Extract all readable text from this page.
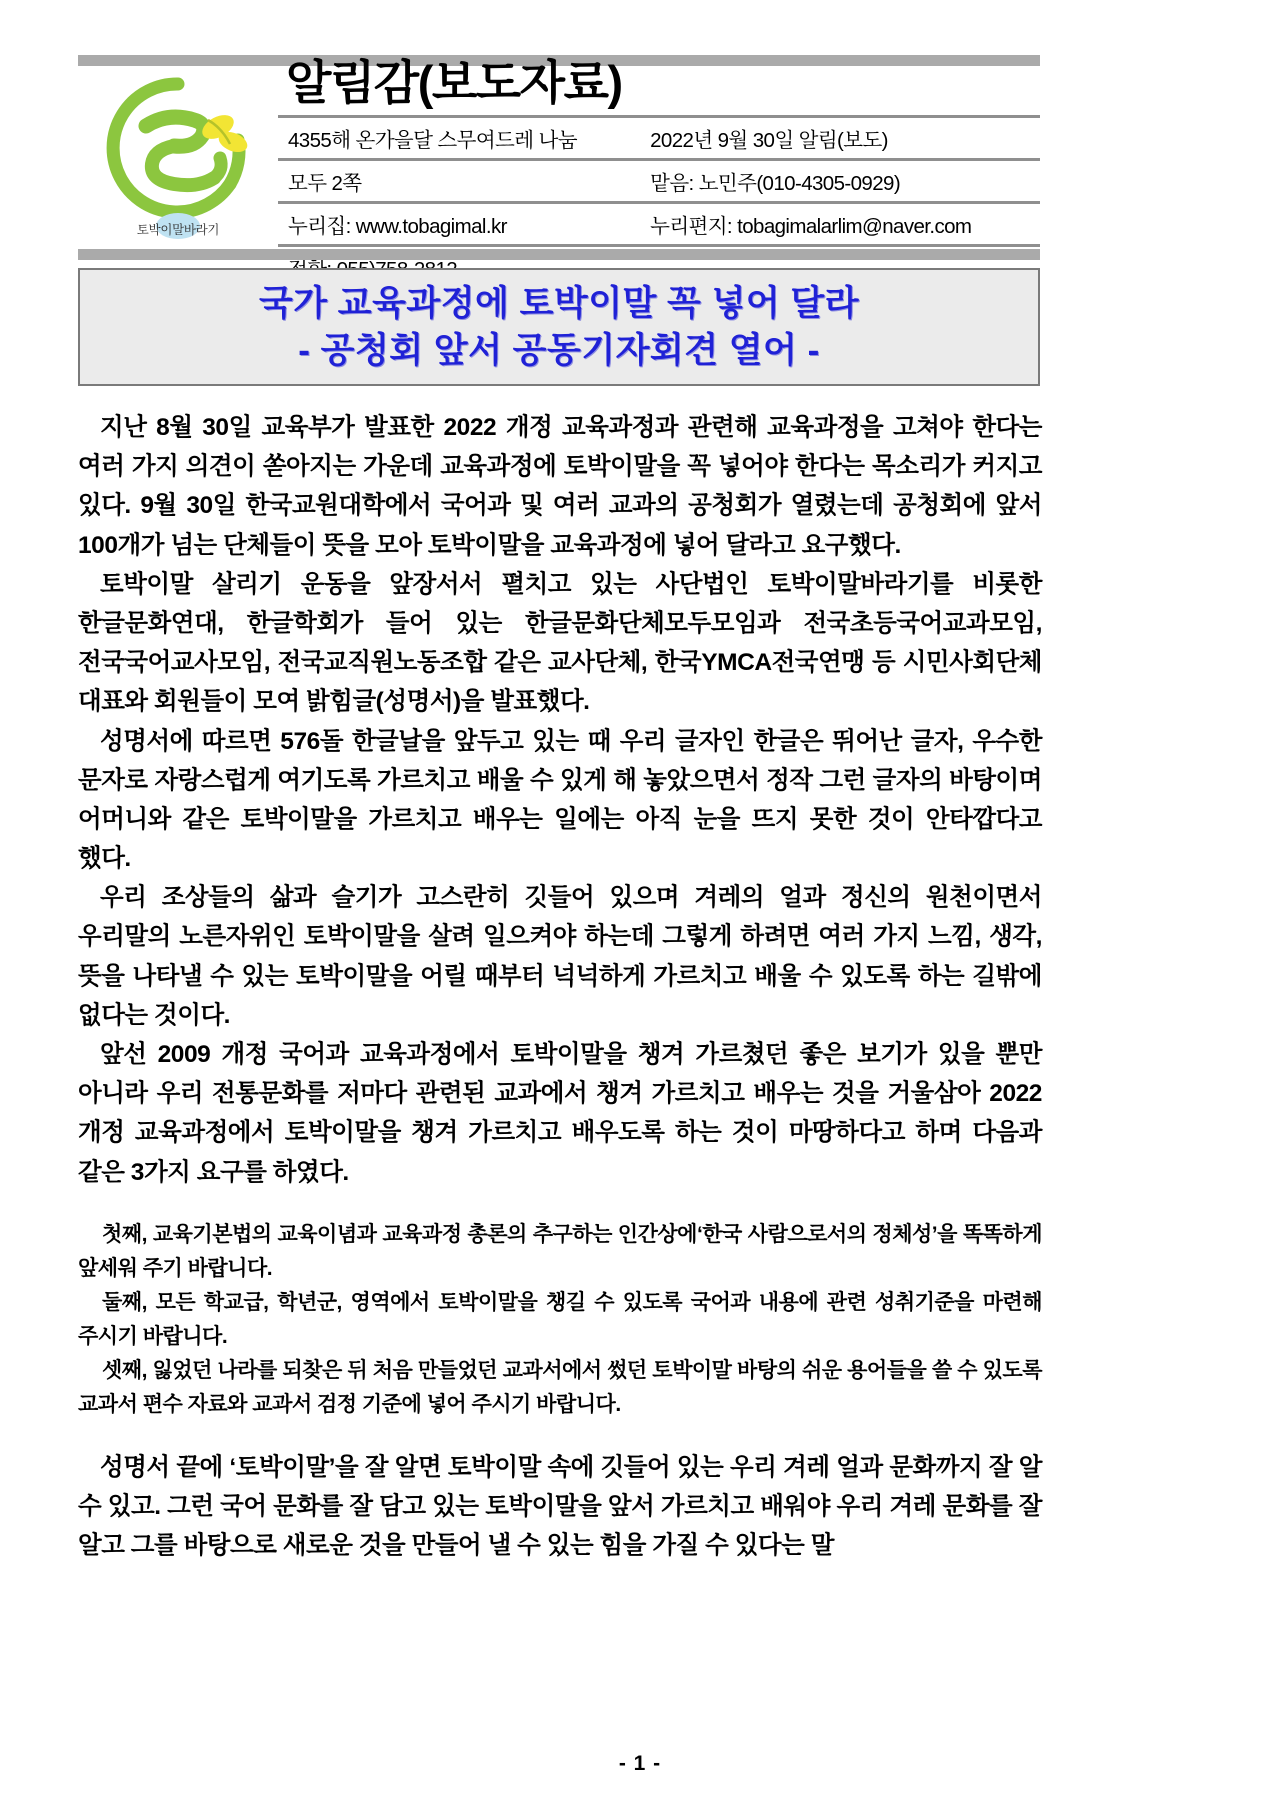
토박이말바라기
알림감(보도자료)
4355해 온가을달 스무여드레 나눔	2022년 9월 30일 알림(보도)
모두 2쪽	맡음: 노민주(010-4305-0929)
누리집: www.tobagimal.kr	누리편지: tobagimalarlim@naver.com

국가 교육과정에 토박이말 꼭 넣어 달라
- 공청회 앞서 공동기자회견 열어 -

지난 8월 30일 교육부가 발표한 2022 개정 교육과정과 관련해 교육과정을 고쳐야 한다는 여러 가지 의견이 쏟아지는 가운데 교육과정에 토박이말을 꼭 넣어야 한다는 목소리가 커지고 있다. 9월 30일 한국교원대학에서 국어과 및 여러 교과의 공청회가 열렸는데 공청회에 앞서 100개가 넘는 단체들이 뜻을 모아 토박이말을 교육과정에 넣어 달라고 요구했다.

토박이말 살리기 운동을 앞장서서 펼치고 있는 사단법인 토박이말바라기를 비롯한 한글문화연대, 한글학회가 들어 있는 한글문화단체모두모임과 전국초등국어교과모임, 전국국어교사모임, 전국교직원노동조합 같은 교사단체, 한국YMCA전국연맹 등 시민사회단체 대표와 회원들이 모여 밝힘글(성명서)을 발표했다.

성명서에 따르면 576돌 한글날을 앞두고 있는 때 우리 글자인 한글은 뛰어난 글자, 우수한 문자로 자랑스럽게 여기도록 가르치고 배울 수 있게 해 놓았으면서 정작 그런 글자의 바탕이며 어머니와 같은 토박이말을 가르치고 배우는 일에는 아직 눈을 뜨지 못한 것이 안타깝다고 했다.

우리 조상들의 삶과 슬기가 고스란히 깃들어 있으며 겨레의 얼과 정신의 원천이면서 우리말의 노른자위인 토박이말을 살려 일으켜야 하는데 그렇게 하려면 여러 가지 느낌, 생각, 뜻을 나타낼 수 있는 토박이말을 어릴 때부터 넉넉하게 가르치고 배울 수 있도록 하는 길밖에 없다는 것이다.

앞선 2009 개정 국어과 교육과정에서 토박이말을 챙겨 가르쳤던 좋은 보기가 있을 뿐만 아니라 우리 전통문화를 저마다 관련된 교과에서 챙겨 가르치고 배우는 것을 거울삼아 2022 개정 교육과정에서 토박이말을 챙겨 가르치고 배우도록 하는 것이 마땅하다고 하며 다음과 같은 3가지 요구를 하였다.

첫째, 교육기본법의 교육이념과 교육과정 총론의 추구하는 인간상에‘한국 사람으로서의 정체성’을 똑똑하게 앞세워 주기 바랍니다.

둘째, 모든 학교급, 학년군, 영역에서 토박이말을 챙길 수 있도록 국어과 내용에 관련 성취기준을 마련해 주시기 바랍니다.

셋째, 잃었던 나라를 되찾은 뒤 처음 만들었던 교과서에서 썼던 토박이말 바탕의 쉬운 용어들을 쓸 수 있도록 교과서 편수 자료와 교과서 검정 기준에 넣어 주시기 바랍니다.

성명서 끝에 ‘토박이말’을 잘 알면 토박이말 속에 깃들어 있는 우리 겨레 얼과 문화까지 잘 알 수 있고. 그런 국어 문화를 잘 담고 있는 토박이말을 앞서 가르치고 배워야 우리 겨레 문화를 잘 알고 그를 바탕으로 새로운 것을 만들어 낼 수 있는 힘을 가질 수 있다는 말

- 1 -
